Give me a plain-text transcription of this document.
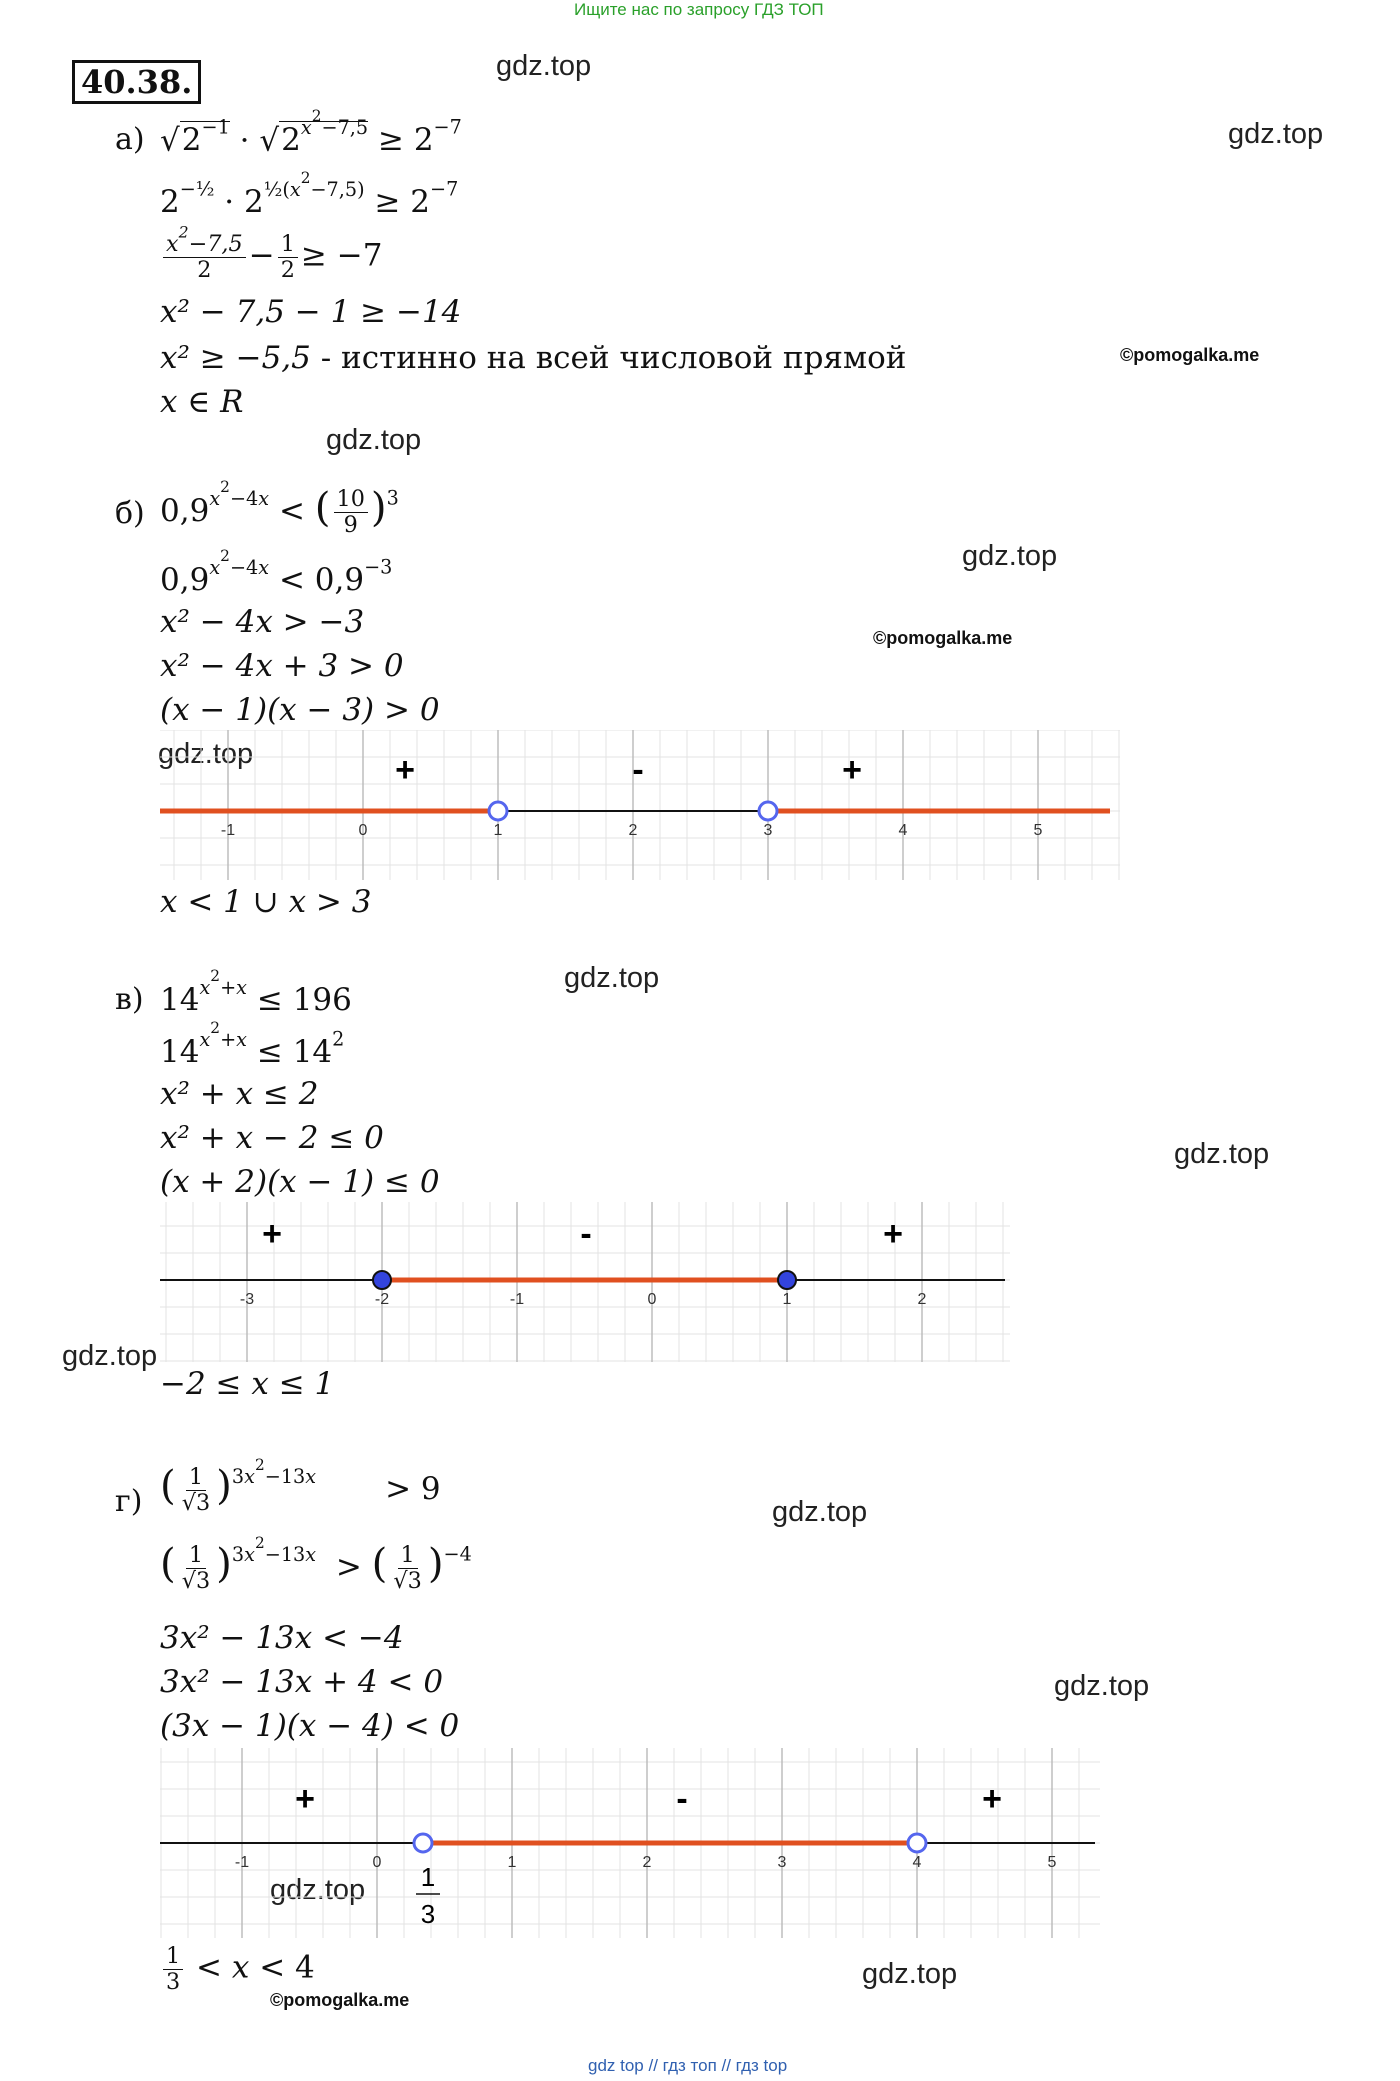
Ищите нас по запросу ГДЗ ТОП
40.38.	gdz.top
gdz.top
©pomogalka.me
gdz.top
gdz.top
©pomogalka.me
gdz.top
gdz.top
gdz.top
gdz.top
gdz.top
gdz.top
gdz.top
gdz.top
©pomogalka.me
а) $√2^{-1} \cdot √2^{x^2-7,5} \ge 2^{-7}$
$2^{-\frac{1}{2}} \cdot 2^{\frac{1}{2}(x^2-7,5)} \ge 2^{-7}$
$\frac{x^2-7,5}{2} - \frac{1}{2} \ge -7$
x² − 7,5 − 1 ≥ −14
x² ≥ −5,5 - истинно на всей числовой прямой
x ∈ R
б) $0,9^{x^2-4x}$ < ( $\frac{10}{9} )^3$
$0,9^{x^2-4x} < 0,9^{-3}$
x² − 4x > −3
x² − 4x + 3 > 0
(x − 1)(x − 3) > 0
-1	0	1	2	3	4	5
+	-	+
x < 1 ∪ x > 3
в) $14^{x^2+x} \le 196$
$14^{x^2+x} \le 14^2$
x² + x ≤ 2
x² + x − 2 ≤ 0
(x + 2)(x − 1) ≤ 0
-3	-2	-1	0	1	2
+	-	+
−2 ≤ x ≤ 1
г) ( $\frac{1}{√3} )^{3x^2-13x}$       > 9
( $\frac{1}{√3} )^{3x^2-13x}$  > ( $\frac{1}{√3} )^{-4}$
3x² − 13x < −4
3x² − 13x + 4 < 0
(3x − 1)(x − 4) < 0
-1	0	1	2	3	4	5
1
3
+	-	+
$\frac{1}{3} < x < 4$
gdz top // гдз топ // гдз top
